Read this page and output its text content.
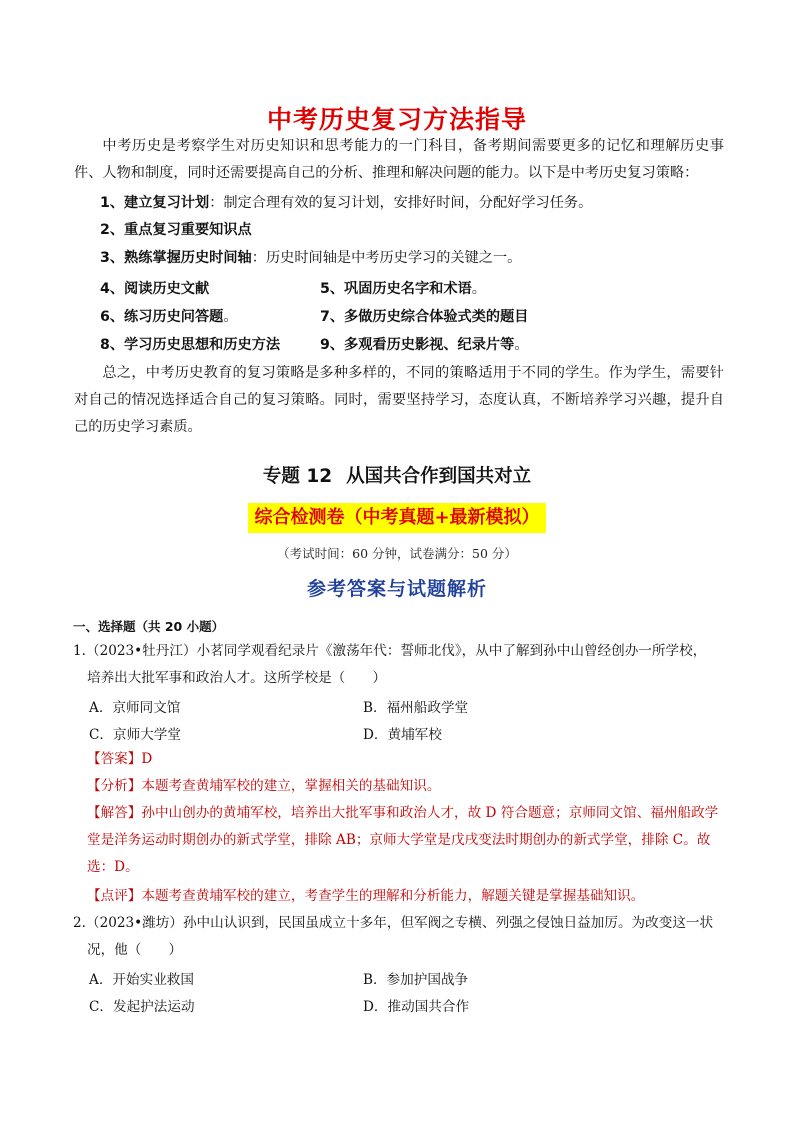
中考历史复习方法指导
中考历史是考察学生对历史知识和思考能力的一门科目，备考期间需要更多的记忆和理解历史事件、人物和制度，同时还需要提高自己的分析、推理和解决问题的能力。以下是中考历史复习策略：
1、建立复习计划：制定合理有效的复习计划，安排好时间，分配好学习任务。
2、重点复习重要知识点
3、熟练掌握历史时间轴：历史时间轴是中考历史学习的关键之一。
4、阅读历史文献	5、巩固历史名字和术语。
6、练习历史问答题。	7、多做历史综合体验式类的题目
8、学习历史思想和历史方法	9、多观看历史影视、纪录片等。
总之，中考历史教育的复习策略是多种多样的，不同的策略适用于不同的学生。作为学生，需要针对自己的情况选择适合自己的复习策略。同时，需要坚持学习，态度认真，不断培养学习兴趣，提升自己的历史学习素质。
专题 12 从国共合作到国共对立
综合检测卷（中考真题+最新模拟）
（考试时间：60 分钟，试卷满分：50 分）
参考答案与试题解析
一、选择题（共 20 小题）
1.（2023•牡丹江）小茗同学观看纪录片《激荡年代：誓师北伐》，从中了解到孙中山曾经创办一所学校，
培养出大批军事和政治人才。这所学校是（　　）
A．京师同文馆	B．福州船政学堂
C．京师大学堂	D．黄埔军校
【答案】D
【分析】本题考查黄埔军校的建立，掌握相关的基础知识。
【解答】孙中山创办的黄埔军校，培养出大批军事和政治人才，故 D 符合题意；京师同文馆、福州船政学堂是洋务运动时期创办的新式学堂，排除 AB；京师大学堂是戊戌变法时期创办的新式学堂，排除 C。故选：D。
【点评】本题考查黄埔军校的建立，考查学生的理解和分析能力，解题关键是掌握基础知识。
2.（2023•潍坊）孙中山认识到，民国虽成立十多年，但军阀之专横、列强之侵蚀日益加厉。为改变这一状
况，他（　　）
A．开始实业救国	B．参加护国战争
C．发起护法运动	D．推动国共合作
